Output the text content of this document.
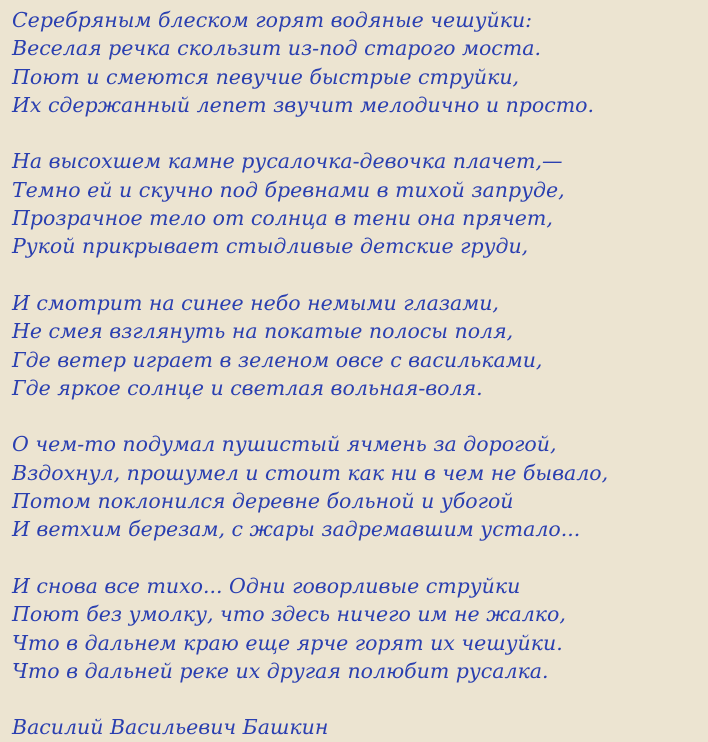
Серебряным блеском горят водяные чешуйки:
Веселая речка скользит из-под старого моста.
Поют и смеются певучие быстрые струйки,
Их сдержанный лепет звучит мелодично и просто.
На высохшем камне русалочка-девочка плачет,—
Темно ей и скучно под бревнами в тихой запруде,
Прозрачное тело от солнца в тени она прячет,
Рукой прикрывает стыдливые детские груди,
И смотрит на синее небо немыми глазами,
Не смея взглянуть на покатые полосы поля,
Где ветер играет в зеленом овсе с васильками,
Где яркое солнце и светлая вольная-воля.
О чем-то подумал пушистый ячмень за дорогой,
Вздохнул, прошумел и стоит как ни в чем не бывало,
Потом поклонился деревне больной и убогой
И ветхим березам, с жары задремавшим устало...
И снова все тихо... Одни говорливые струйки
Поют без умолку, что здесь ничего им не жалко,
Что в дальнем краю еще ярче горят их чешуйки.
Что в дальней реке их другая полюбит русалка.
Василий Васильевич Башкин
